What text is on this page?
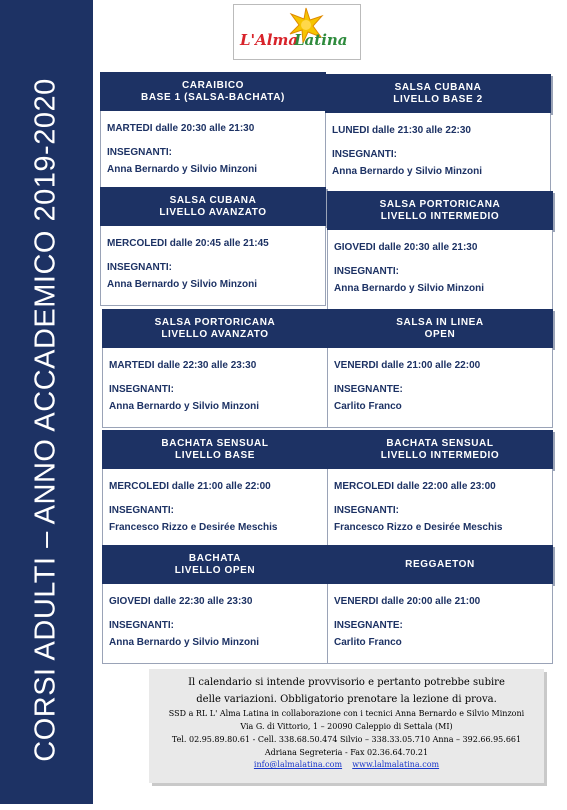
CORSI ADULTI – ANNO ACCADEMICO 2019-2020
L'Alma
Latina
CARAIBICO
BASE 1 (SALSA-BACHATA)
MARTEDI dalle 20:30 alle 21:30
INSEGNANTI:
Anna Bernardo y Silvio Minzoni
SALSA CUBANA
LIVELLO BASE 2
LUNEDI dalle 21:30 alle 22:30
INSEGNANTI:
Anna Bernardo y Silvio Minzoni
SALSA CUBANA
LIVELLO AVANZATO
MERCOLEDI dalle 20:45 alle 21:45
INSEGNANTI:
Anna Bernardo y Silvio Minzoni
SALSA PORTORICANA
LIVELLO INTERMEDIO
GIOVEDI dalle 20:30 alle 21:30
INSEGNANTI:
Anna Bernardo y Silvio Minzoni
SALSA PORTORICANA
LIVELLO AVANZATO
MARTEDI dalle 22:30 alle 23:30
INSEGNANTI:
Anna Bernardo y Silvio Minzoni
SALSA IN LINEA
OPEN
VENERDI dalle 21:00 alle 22:00
INSEGNANTE:
Carlito Franco
BACHATA SENSUAL
LIVELLO BASE
MERCOLEDI dalle 21:00 alle 22:00
INSEGNANTI:
Francesco Rizzo e Desirée Meschis
BACHATA SENSUAL
LIVELLO INTERMEDIO
MERCOLEDI dalle 22:00 alle 23:00
INSEGNANTI:
Francesco Rizzo e Desirée Meschis
BACHATA
LIVELLO OPEN
GIOVEDI dalle 22:30 alle 23:30
INSEGNANTI:
Anna Bernardo y Silvio Minzoni
REGGAETON
VENERDI dalle 20:00 alle 21:00
INSEGNANTE:
Carlito Franco
Il calendario si intende provvisorio e pertanto potrebbe subire
delle variazioni. Obbligatorio prenotare la lezione di prova.
SSD a RL L' Alma Latina in collaborazione con i tecnici Anna Bernardo e Silvio Minzoni
Via G. di Vittorio, 1 – 20090 Caleppio di Settala (MI)
Tel. 02.95.89.80.61 - Cell. 338.68.50.474 Silvio – 338.33.05.710 Anna – 392.66.95.661
Adriana Segreteria - Fax 02.36.64.70.21
info@lalmalatina.com www.lalmalatina.com
